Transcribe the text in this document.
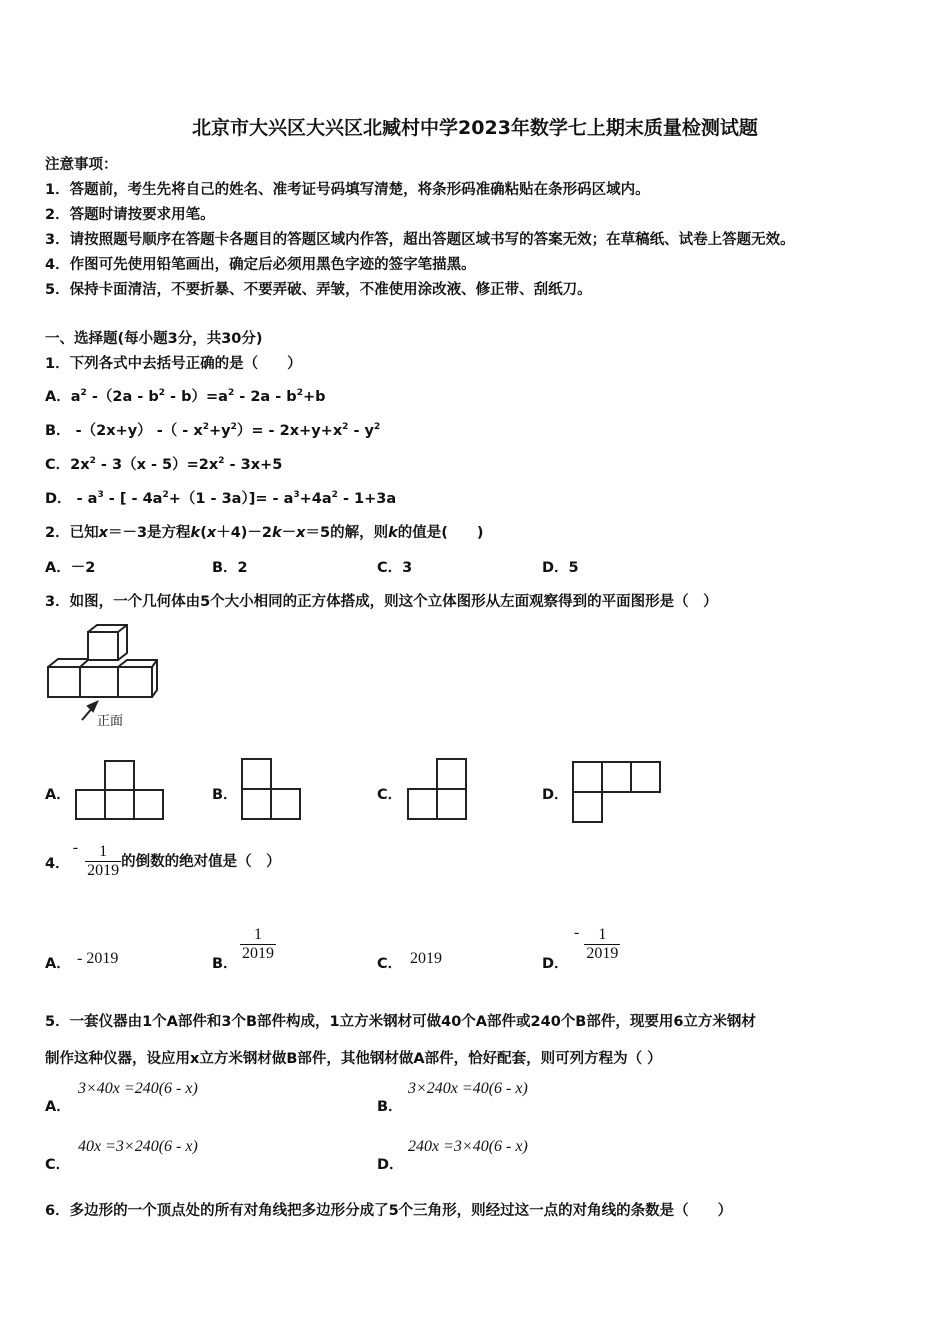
北京市大兴区大兴区北臧村中学2023年数学七上期末质量检测试题
注意事项：
1．答题前，考生先将自己的姓名、准考证号码填写清楚，将条形码准确粘贴在条形码区域内。
2．答题时请按要求用笔。
3．请按照题号顺序在答题卡各题目的答题区域内作答，超出答题区域书写的答案无效；在草稿纸、试卷上答题无效。
4．作图可先使用铅笔画出，确定后必须用黑色字迹的签字笔描黑。
5．保持卡面清洁，不要折暴、不要弄破、弄皱，不准使用涂改液、修正带、刮纸刀。
一、选择题(每小题3分，共30分)
1．下列各式中去括号正确的是（　　）
A．$a^2$ $-(2a - b^2 - b)=a^2 - 2a - b^2+b$
B． -（2x+y） -（ - $x^2+y^2)= - 2x+y+x^2 - y^2$
C．$2x^2 - 3(x - 5)=2x^2 - 3x+5$
D． - $a^3$ - [ - $4a^2+(1 - 3a)]= - a^3+4a^2 - 1+3a$
2．已知x＝－3是方程k(x＋4)－2k－x＝5的解，则k的值是(　　)
A．－2	B．2	C．3	D．5
3．如图，一个几何体由5个大小相同的正方体搭成，则这个立体图形从左面观察得到的平面图形是（　）
正面
A．	B．	C．	D．
4． - $\frac{1}{2019}$ 的倒数的绝对值是（　）
A． - 2019	B．
$\frac{1}{2019}$
C． 2019	D．
- $\frac{1}{2019}$
5．一套仪器由1个A部件和3个B部件构成，1立方米钢材可做40个A部件或240个B部件，现要用6立方米钢材
制作这种仪器，设应用x立方米钢材做B部件，其他钢材做A部件，恰好配套，则可列方程为（ ）
A．
3×40x =240(6 - x)
B．
3×240x =40(6 - x)
C．
40x =3×240(6 - x)
D．
240x =3×40(6 - x)
6．多边形的一个顶点处的所有对角线把多边形分成了5个三角形，则经过这一点的对角线的条数是（　　）
